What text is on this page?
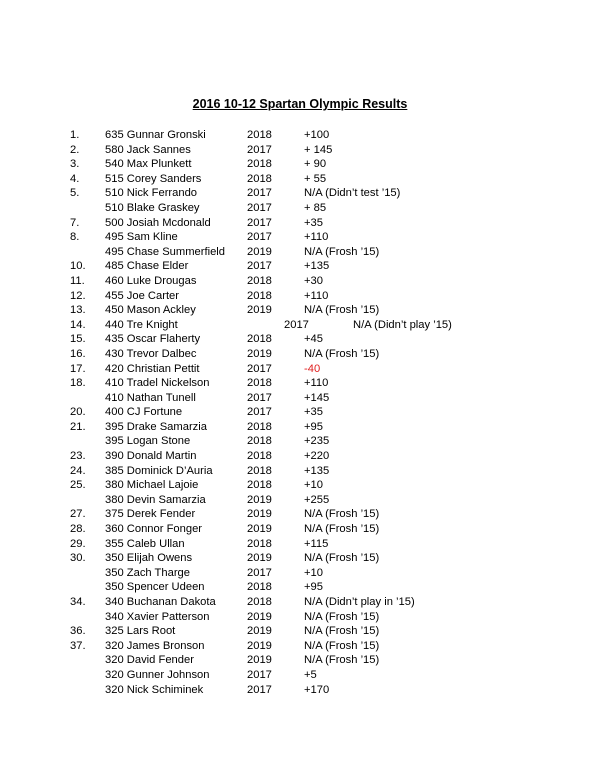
2016 10-12 Spartan Olympic Results
1. 635 Gunnar Gronski	2018	+100
2. 580 Jack Sannes	2017	+ 145
3. 540 Max Plunkett	2018	+ 90
4. 515 Corey Sanders	2018	+ 55
5. 510 Nick Ferrando	2017	N/A (Didn’t test ’15)
510 Blake Graskey	2017	+ 85
7. 500 Josiah Mcdonald	2017	+35
8. 495 Sam Kline	2017	+110
495 Chase Summerfield 2019	N/A (Frosh ’15)
10. 485 Chase Elder	2017	+135
11. 460 Luke Drougas	2018	+30
12. 455 Joe Carter	2018	+110
13. 450 Mason Ackley	2019	N/A (Frosh ’15)
14. 440 Tre Knight	2017	N/A (Didn’t play ’15)
15. 435 Oscar Flaherty	2018	+45
16. 430 Trevor Dalbec	2019	N/A (Frosh ’15)
17. 420 Christian Pettit	2017	-40
18. 410 Tradel Nickelson	2018	+110
410 Nathan Tunell	2017	+145
20. 400 CJ Fortune	2017	+35
21. 395 Drake Samarzia	2018	+95
395 Logan Stone	2018	+235
23. 390 Donald Martin	2018	+220
24. 385 Dominick D’Auria	2018	+135
25. 380 Michael Lajoie	2018	+10
380 Devin Samarzia	2019	+255
27. 375 Derek Fender	2019	N/A (Frosh ’15)
28. 360 Connor Fonger	2019	N/A (Frosh ’15)
29. 355 Caleb Ullan	2018	+115
30. 350 Elijah Owens	2019	N/A (Frosh ’15)
350 Zach Tharge	2017	+10
350 Spencer Udeen	2018	+95
34. 340 Buchanan Dakota	2018	N/A (Didn’t play in ’15)
340 Xavier Patterson	2019	N/A (Frosh ’15)
36. 325 Lars Root	2019	N/A (Frosh ’15)
37. 320 James Bronson	2019	N/A (Frosh ’15)
320 David Fender	2019	N/A (Frosh ’15)
320 Gunner Johnson	2017	+5
320 Nick Schiminek	2017	+170
